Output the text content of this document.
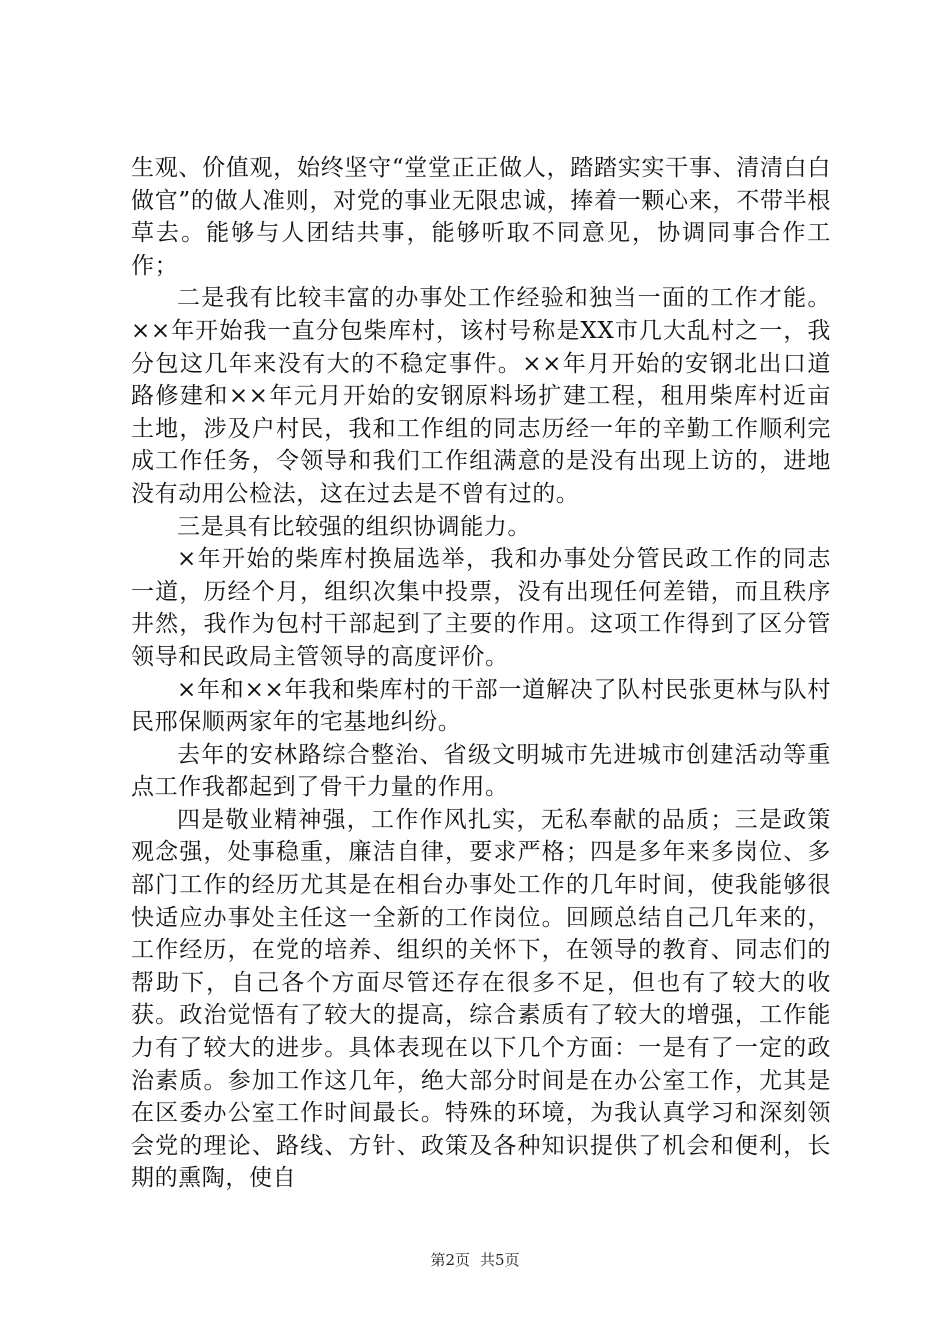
生观、价值观，始终坚守“堂堂正正做人，踏踏实实干事、清清白白做官”的做人准则，对党的事业无限忠诚，捧着一颗心来，不带半根草去。能够与人团结共事，能够听取不同意见，协调同事合作工作；

二是我有比较丰富的办事处工作经验和独当一面的工作才能。××年开始我一直分包柴库村，该村号称是XX市几大乱村之一，我分包这几年来没有大的不稳定事件。××年月开始的安钢北出口道路修建和××年元月开始的安钢原料场扩建工程，租用柴库村近亩土地，涉及户村民，我和工作组的同志历经一年的辛勤工作顺利完成工作任务，令领导和我们工作组满意的是没有出现上访的，进地没有动用公检法，这在过去是不曾有过的。

三是具有比较强的组织协调能力。

×年开始的柴库村换届选举，我和办事处分管民政工作的同志一道，历经个月，组织次集中投票，没有出现任何差错，而且秩序井然，我作为包村干部起到了主要的作用。这项工作得到了区分管领导和民政局主管领导的高度评价。

×年和××年我和柴库村的干部一道解决了队村民张更林与队村民邢保顺两家年的宅基地纠纷。

去年的安林路综合整治、省级文明城市先进城市创建活动等重点工作我都起到了骨干力量的作用。

四是敬业精神强，工作作风扎实，无私奉献的品质；三是政策观念强，处事稳重，廉洁自律，要求严格；四是多年来多岗位、多部门工作的经历尤其是在相台办事处工作的几年时间，使我能够很快适应办事处主任这一全新的工作岗位。回顾总结自己几年来的，工作经历，在党的培养、组织的关怀下，在领导的教育、同志们的帮助下，自己各个方面尽管还存在很多不足，但也有了较大的收获。政治觉悟有了较大的提高，综合素质有了较大的增强，工作能力有了较大的进步。具体表现在以下几个方面：一是有了一定的政治素质。参加工作这几年，绝大部分时间是在办公室工作，尤其是在区委办公室工作时间最长。特殊的环境，为我认真学习和深刻领会党的理论、路线、方针、政策及各种知识提供了机会和便利，长期的熏陶，使自

第2页 共5页
